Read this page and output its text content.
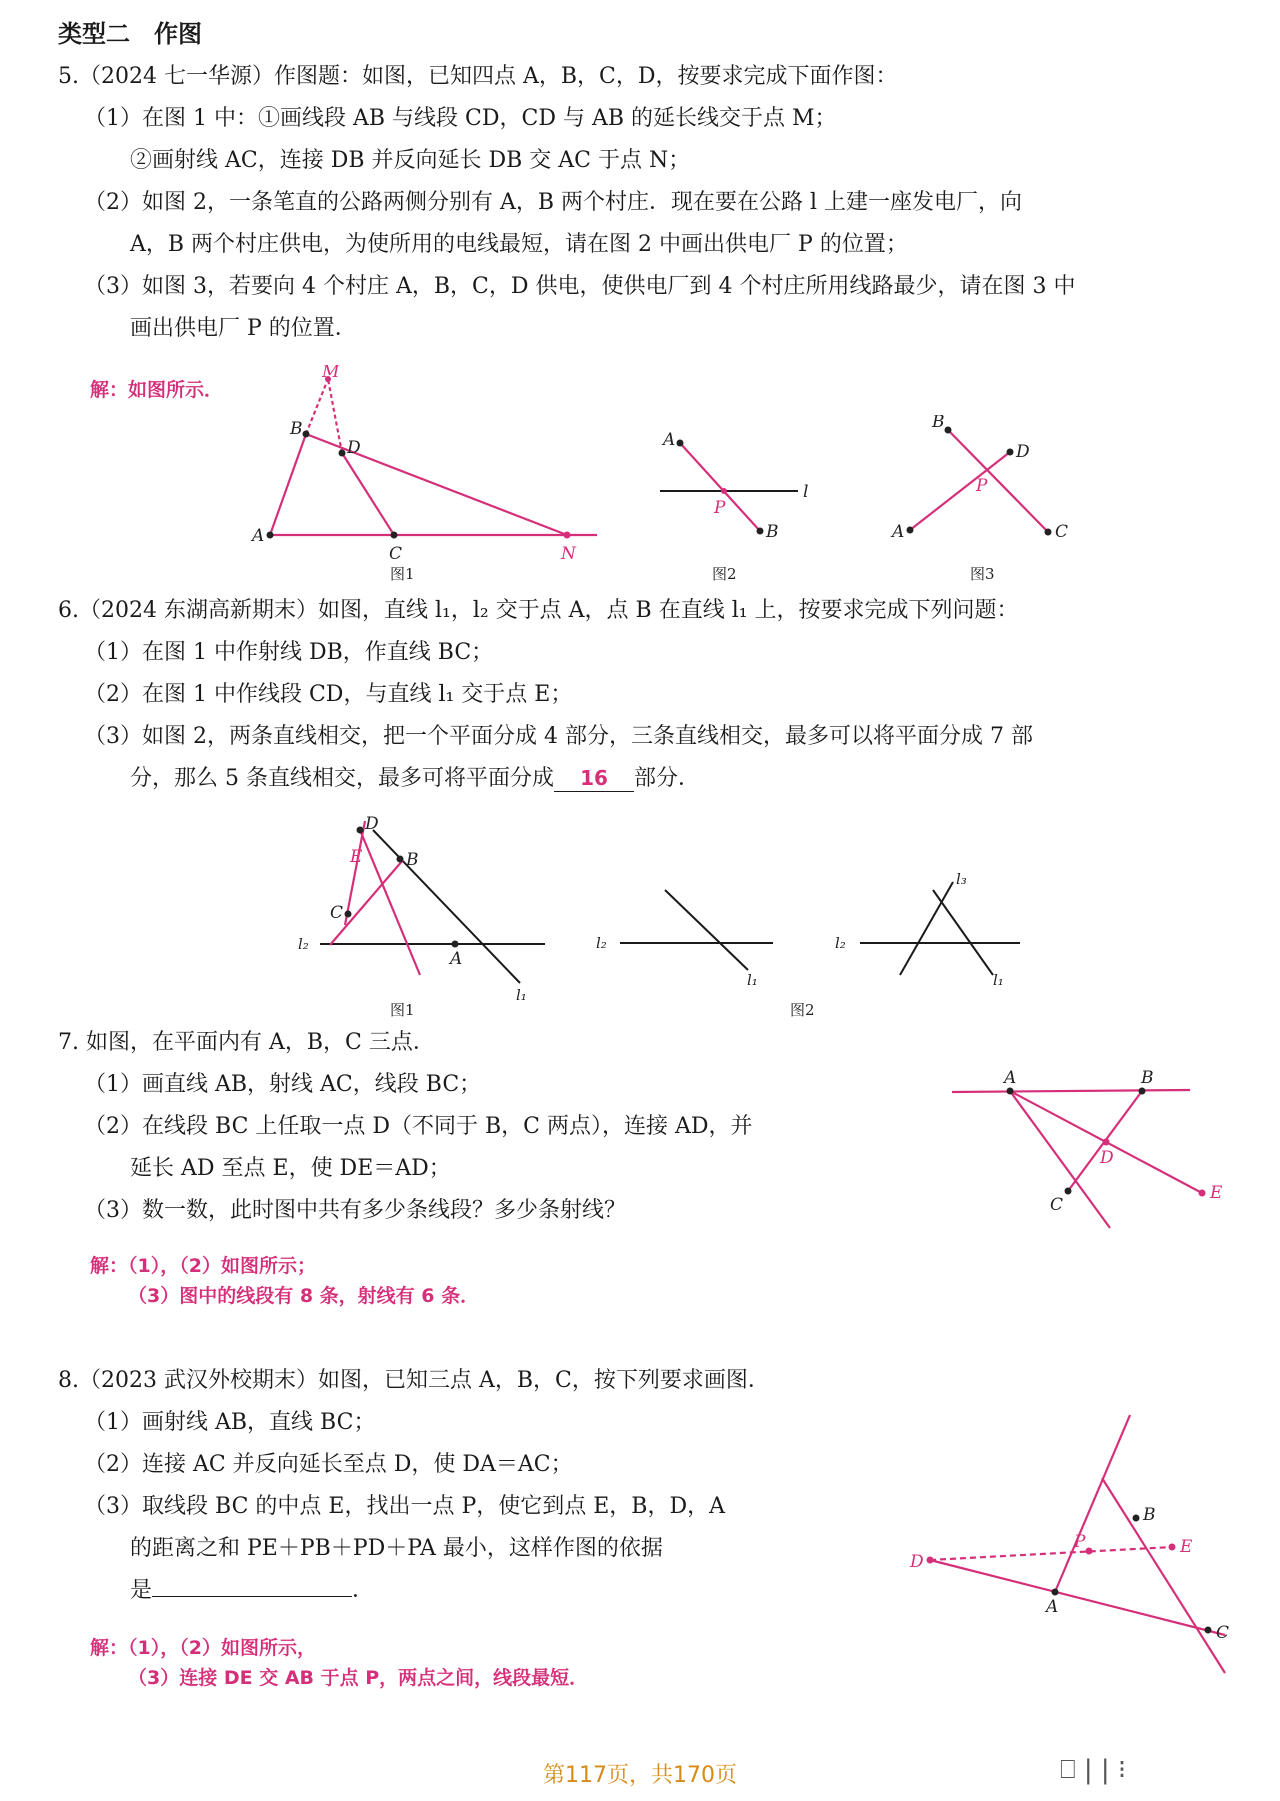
类型二　作图
5.（2024 七一华源）作图题：如图，已知四点 A，B，C，D，按要求完成下面作图：
（1）在图 1 中：①画线段 AB 与线段 CD，CD 与 AB 的延长线交于点 M；
②画射线 AC，连接 DB 并反向延长 DB 交 AC 于点 N；
（2）如图 2，一条笔直的公路两侧分别有 A，B 两个村庄．现在要在公路 l 上建一座发电厂，向
A，B 两个村庄供电，为使所用的电线最短，请在图 2 中画出供电厂 P 的位置；
（3）如图 3，若要向 4 个村庄 A，B，C，D 供电，使供电厂到 4 个村庄所用线路最少，请在图 3 中
画出供电厂 P 的位置．
解：如图所示．
M
B
D
A
C	N
图1
A
B
P
l
图2
A
B
C
D
P
图3
6.（2024 东湖高新期末）如图，直线 l₁，l₂ 交于点 A，点 B 在直线 l₁ 上，按要求完成下列问题：
（1）在图 1 中作射线 DB，作直线 BC；
（2）在图 1 中作线段 CD，与直线 l₁ 交于点 E；
（3）如图 2，两条直线相交，把一个平面分成 4 部分，三条直线相交，最多可以将平面分成 7 部
分，那么 5 条直线相交，最多可将平面分成 16 部分．
D
E	B
C
A
l₂
l₁
图1
l₂
l₁
l₂
l₁
l₃
图2
7. 如图，在平面内有 A，B，C 三点．
（1）画直线 AB，射线 AC，线段 BC；
（2）在线段 BC 上任取一点 D（不同于 B，C 两点），连接 AD，并
延长 AD 至点 E，使 DE＝AD；
（3）数一数，此时图中共有多少条线段？多少条射线？
解：（1），（2）如图所示；
（3）图中的线段有 8 条，射线有 6 条．
A	B
C
D
E
8.（2023 武汉外校期末）如图，已知三点 A，B，C，按下列要求画图．
（1）画射线 AB，直线 BC；
（2）连接 AC 并反向延长至点 D，使 DA＝AC；
（3）取线段 BC 的中点 E，找出一点 P，使它到点 E，B，D，A
的距离之和 PE＋PB＋PD＋PA 最小，这样作图的依据
是	．
解：（1），（2）如图所示，
（3）连接 DE 交 AB 于点 P，两点之间，线段最短．
B
P	E
D
A
C
第117页，共170页	⎕ | | ⁝
